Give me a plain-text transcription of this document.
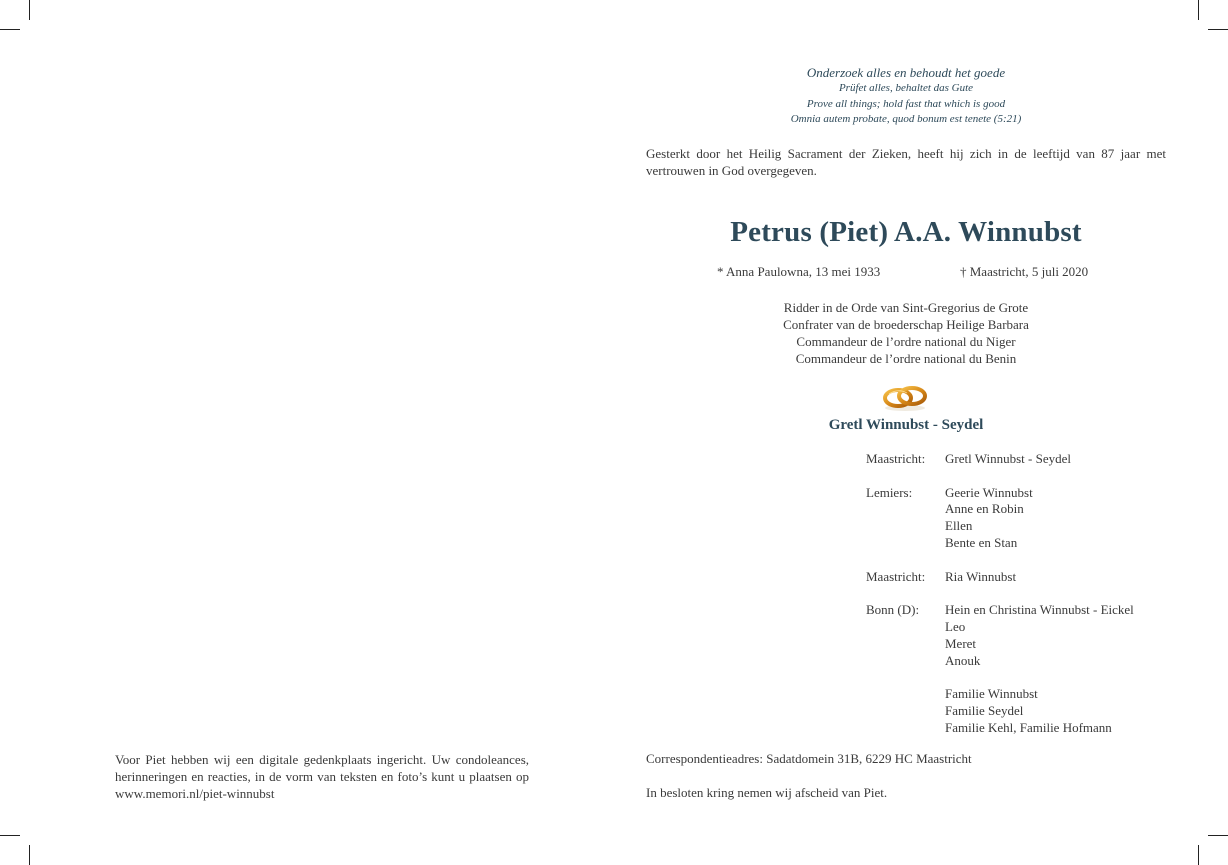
Onderzoek alles en behoudt het goede
Prüfet alles, behaltet das Gute
Prove all things; hold fast that which is good
Omnia autem probate, quod bonum est tenete (5:21)
Gesterkt door het Heilig Sacrament der Zieken, heeft hij zich in de leeftijd van 87 jaar met vertrouwen in God overgegeven.
Petrus (Piet) A.A. Winnubst
* Anna Paulowna, 13 mei 1933	† Maastricht, 5 juli 2020
Ridder in de Orde van Sint-Gregorius de Grote
Confrater van de broederschap Heilige Barbara
Commandeur de l’ordre national du Niger
Commandeur de l’ordre national du Benin
Gretl Winnubst - Seydel
Maastricht:	Gretl Winnubst - Seydel
Lemiers:	Geerie Winnubst
Anne en Robin
Ellen
Bente en Stan
Maastricht:	Ria Winnubst
Bonn (D):	Hein en Christina Winnubst - Eickel
Leo
Meret
Anouk
Familie Winnubst
Familie Seydel
Familie Kehl, Familie Hofmann
Voor Piet hebben wij een digitale gedenkplaats ingericht. Uw condoleances, herinneringen en reacties, in de vorm van teksten en foto’s kunt u plaatsen op www.memori.nl/piet-winnubst
Correspondentieadres: Sadatdomein 31B, 6229 HC Maastricht
In besloten kring nemen wij afscheid van Piet.
